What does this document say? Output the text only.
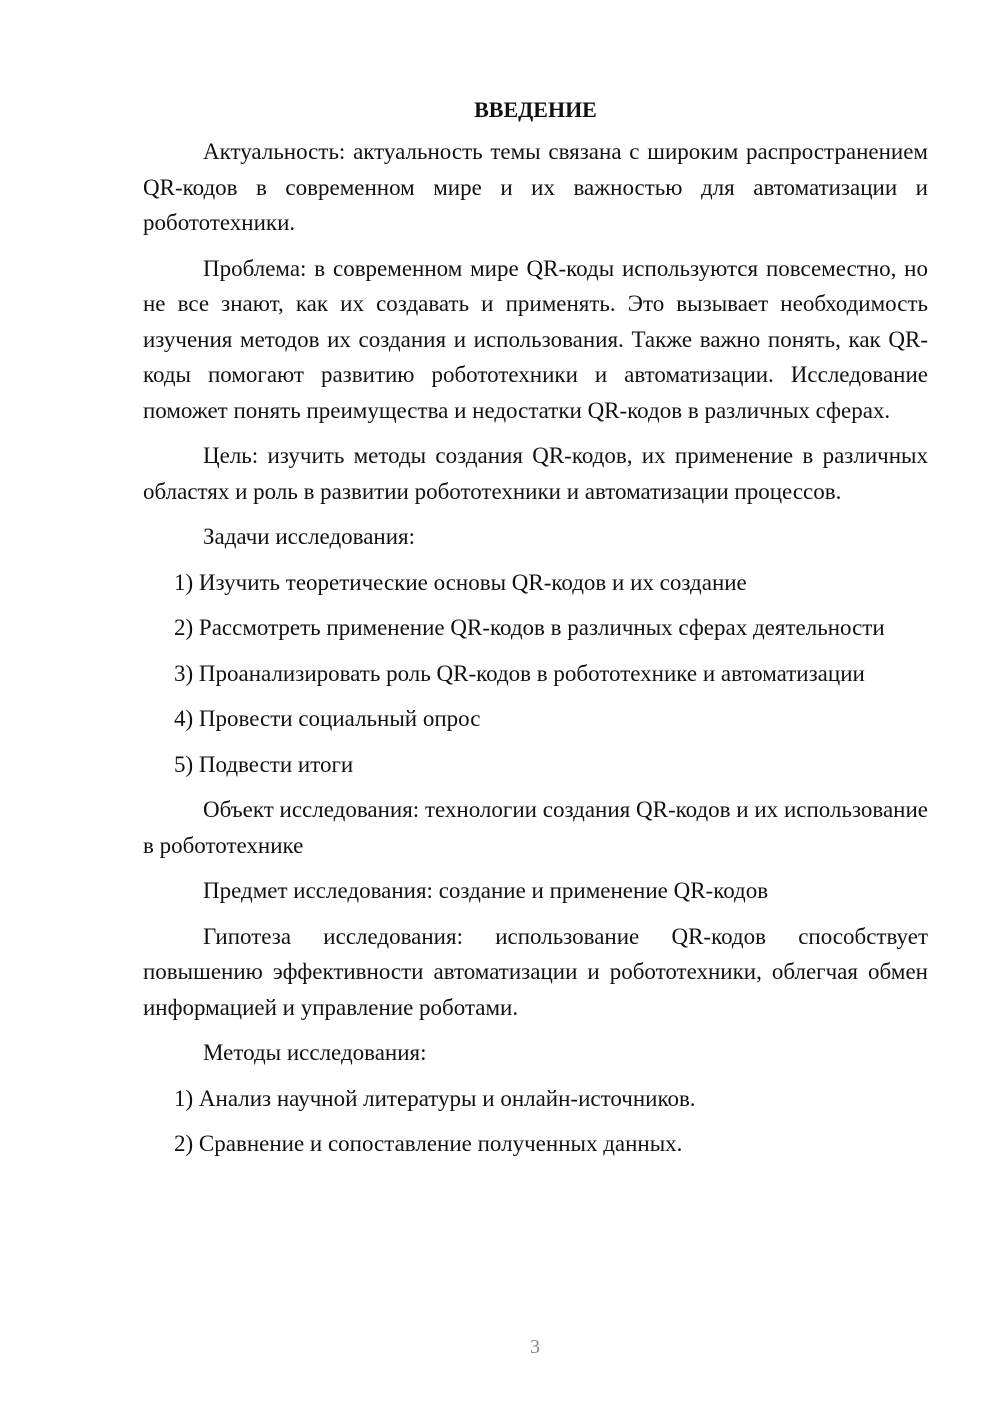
ВВЕДЕНИЕ

Актуальность: актуальность темы связана с широким распространением QR-кодов в современном мире и их важностью для автоматизации и робототехники.

Проблема: в современном мире QR-коды используются повсеместно, но не все знают, как их создавать и применять. Это вызывает необходимость изучения методов их создания и использования. Также важно понять, как QR-коды помогают развитию робототехники и автоматизации. Исследование поможет понять преимущества и недостатки QR-кодов в различных сферах.

Цель: изучить методы создания QR-кодов, их применение в различных областях и роль в развитии робототехники и автоматизации процессов.

Задачи исследования:

1) Изучить теоретические основы QR-кодов и их создание

2) Рассмотреть применение QR-кодов в различных сферах деятельности

3) Проанализировать роль QR-кодов в робототехнике и автоматизации

4) Провести социальный опрос

5) Подвести итоги

Объект исследования: технологии создания QR-кодов и их использование в робототехнике

Предмет исследования: создание и применение QR-кодов

Гипотеза исследования: использование QR-кодов способствует повышению эффективности автоматизации и робототехники, облегчая обмен информацией и управление роботами.

Методы исследования:

1) Анализ научной литературы и онлайн-источников.

2) Сравнение и сопоставление полученных данных.

3
